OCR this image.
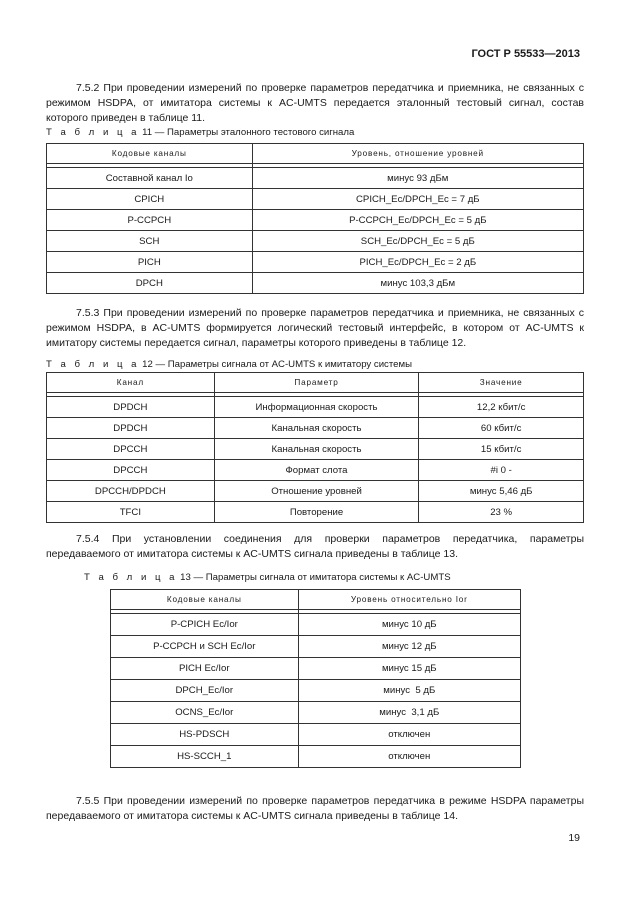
ГОСТ Р 55533—2013
7.5.2 При проведении измерений по проверке параметров передатчика и приемника, не связанных с режимом HSDPA, от имитатора системы к AC-UMTS передается эталонный тестовый сигнал, состав которого приведен в таблице 11.
Т а б л и ц а 11 — Параметры эталонного тестового сигнала
Кодовые каналы	Уровень, отношение уровней

Составной канал Io	минус 93 дБм
CPICH	CPICH_Ec/DPCH_Ec = 7 дБ
P-CCPCH	P-CCPCH_Ec/DPCH_Ec = 5 дБ
SCH	SCH_Ec/DPCH_Ec = 5 дБ
PICH	PICH_Ec/DPCH_Ec = 2 дБ
DPCH	минус 103,3 дБм
7.5.3 При проведении измерений по проверке параметров передатчика и приемника, не связанных с режимом HSDPA, в AC-UMTS формируется логический тестовый интерфейс, в котором от AC-UMTS к имитатору системы передается сигнал, параметры которого приведены в таблице 12.
Т а б л и ц а 12 — Параметры сигнала от AC-UMTS к имитатору системы
Канал	Параметр	Значение

DPDCH	Информационная скорость	12,2 кбит/с
DPDCH	Канальная скорость	60 кбит/с
DPCCH	Канальная скорость	15 кбит/с
DPCCH	Формат слота	#i 0 -
DPCCH/DPDCH	Отношение уровней	минус 5,46 дБ
TFCI	Повторение	23 %
7.5.4 При установлении соединения для проверки параметров передатчика, параметры передаваемого от имитатора системы к AC-UMTS сигнала приведены в таблице 13.
Т а б л и ц а 13 — Параметры сигнала от имитатора системы к AC-UMTS
Кодовые каналы	Уровень относительно Ior

P-CPICH Ec/Ior	минус 10 дБ
P-CCPCH и SCH Ec/Ior	минус 12 дБ
PICH Ec/Ior	минус 15 дБ
DPCH_Ec/Ior	минус  5 дБ
OCNS_Ec/Ior	минус  3,1 дБ
HS-PDSCH	отключен
HS-SCCH_1	отключен
7.5.5 При проведении измерений по проверке параметров передатчика в режиме HSDPA параметры передаваемого от имитатора системы к AC-UMTS сигнала приведены в таблице 14.
19
